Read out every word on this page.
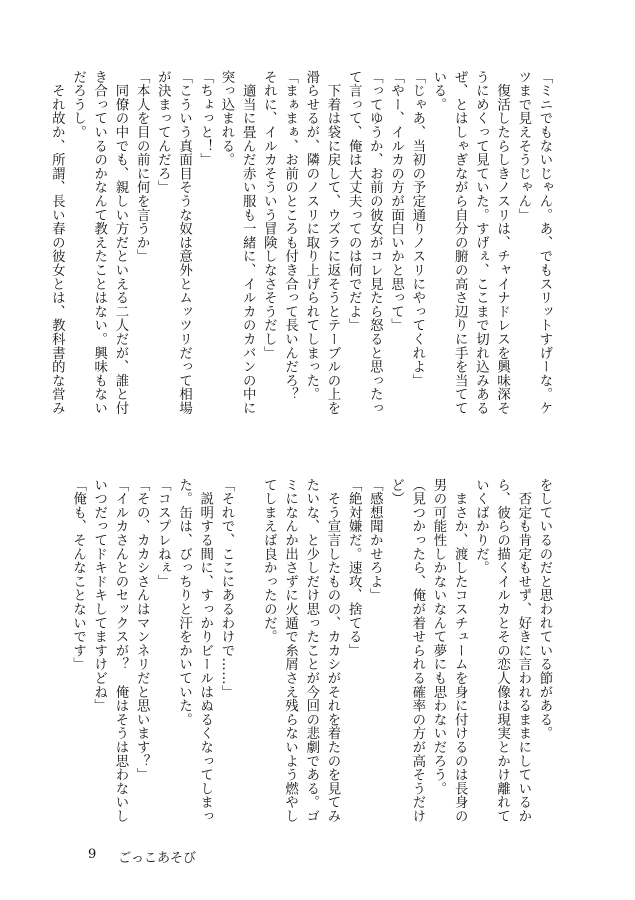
「ミニでもないじゃん。あ、でもスリットすげーな。ケ
ツまで見えそうじゃん」
　復活したらしきノスリは、チャイナドレスを興味深そ
うにめくって見ていた。すげぇ、ここまで切れ込みある
ぜ、とはしゃぎながら自分の腑の高さ辺りに手を当てて
いる。
「じゃあ、当初の予定通りノスリにやってくれよ」
「やー、イルカの方が面白いかと思って」
「ってゆうか、お前の彼女がコレ見たら怒ると思ったっ
て言って、俺は大丈夫ってのは何でだよ」
　下着は袋に戻して、ウズラに返そうとテーブルの上を
滑らせるが、隣のノスリに取り上げられてしまった。
「まぁまぁ、お前のところも付き合って長いんだろ？
それに、イルカそういう冒険しなさそうだし」
　適当に畳んだ赤い服も一緒に、イルカのカバンの中に
突っ込まれる。
「ちょっと！」
「こういう真面目そうな奴は意外とムッツリだって相場
が決まってんだろ」
「本人を目の前に何を言うか」
　同僚の中でも、親しい方だといえる二人だが、誰と付
き合っているのかなんて教えたことはない。興味もない
だろうし。
　それ故か、所謂、長い春の彼女とは、教科書的な営み
をしているのだと思われている節がある。
　否定も肯定もせず、好きに言われるままにしているか
ら、彼らの描くイルカとその恋人像は現実とかけ離れて
いくばかりだ。
　まさか、渡したコスチュームを身に付けるのは長身の
男の可能性しかないなんて夢にも思わないだろう。
（見つかったら、俺が着せられる確率の方が高そうだけ
ど）
「感想聞かせろよ」
「絶対嫌だ。速攻、捨てる」
　そう宣言したものの、カカシがそれを着たのを見てみ
たいな、と少しだけ思ったことが今回の悲劇である。ゴ
ミになんか出さずに火遁で糸屑さえ残らないよう燃やし
てしまえば良かったのだ。

「それで、ここにあるわけで……」
　説明する間に、すっかりビールはぬるくなってしまっ
た。缶は、びっちりと汗をかいていた。
「コスプレねぇ」
「その、カカシさんはマンネリだと思います？」
「イルカさんとのセックスが？　俺はそうは思わないし
いつだってドキドキしてますけどね」
「俺も、そんなことないです」
9 ごっこあそび
